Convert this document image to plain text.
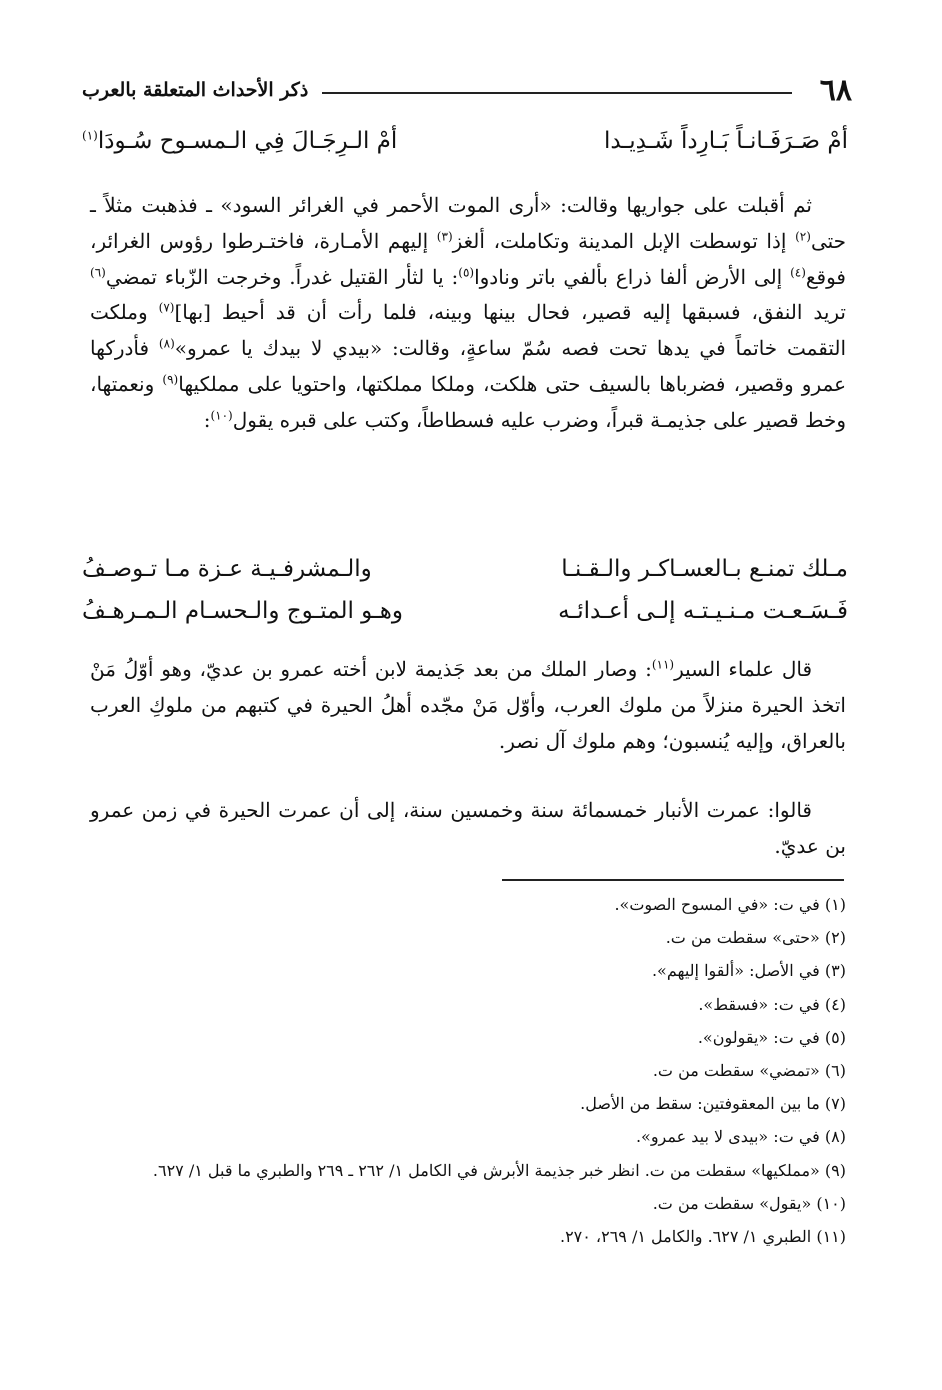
٦٨
ذكر الأحداث المتعلقة بالعرب
أمْ صَـرَفَـانـاً بَـارِداً شَـدِيـدا
أمْ الـرِجَـالَ فِي الـمسـوح سُـودَا$^{(١)}$

ثم أقبلت على جواريها وقالت: «أرى الموت الأحمر في الغرائر السود» ـ فذهبت مثلاً ـ حتى$^{(٢)}$ إذا توسطت الإبل المدينة وتكاملت، ألغز$^{(٣)}$ إليهم الأمـارة، فاختـرطوا رؤوس الغرائر، فوقع$^{(٤)}$ إلى الأرض ألفا ذراع بألفي باتر ونادوا$^{(٥)}$: يا لثأر القتيل غدراً. وخرجت الزّباء تمضي$^{(٦)}$ تريد النفق، فسبقها إليه قصير، فحال بينها وبينه، فلما رأت أن قد أحيط [بها]$^{(٧)}$ وملكت التقمت خاتماً في يدها تحت فصه سُمّ ساعةٍ، وقالت: «بيدي لا بيدك يا عمرو»$^{(٨)}$ فأدركها عمرو وقصير، فضرباها بالسيف حتى هلكت، وملكا مملكتها، واحتويا على مملكيها$^{(٩)}$ ونعمتها، وخط قصير على جذيمـة قبراً، وضرب عليه فسطاطاً، وكتب على قبره يقول$^{(١٠)}$:

مـلك تمنـع بـالعسـاكـر والـقـنـا
والـمشرفـيـة عـزة مـا تـوصـفُ
فَـسَـعـت مـنـيـتـه إلـى أعـدائـه
وهـو المتـوج والـحسـام الـمـرهـفُ

قال علماء السير$^{(١١)}$: وصار الملك من بعد جَذيمة لابن أخته عمرو بن عديّ، وهو أوّلُ مَنْ اتخذ الحيرة منزلاً من ملوك العرب، وأوّل مَنْ مجّده أهلُ الحيرة في كتبهم من ملوكِ العرب بالعراق، وإليه يُنسبون؛ وهم ملوك آل نصر.

قالوا: عمرت الأنبار خمسمائة سنة وخمسين سنة، إلى أن عمرت الحيرة في زمن عمرو بن عديّ.

(١) في ت: «في المسوح الصوت».
(٢) «حتى» سقطت من ت.
(٣) في الأصل: «ألقوا إليهم».
(٤) في ت: «فسقط».
(٥) في ت: «يقولون».
(٦) «تمضي» سقطت من ت.
(٧) ما بين المعقوفتين: سقط من الأصل.
(٨) في ت: «بيدى لا بيد عمرو».
(٩) «مملكيها» سقطت من ت. انظر خبر جذيمة الأبرش في الكامل ١/ ٢٦٢ ـ ٢٦٩ والطبري ما قبل ١/ ٦٢٧.
(١٠) «يقول» سقطت من ت.
(١١) الطبري ١/ ٦٢٧. والكامل ١/ ٢٦٩، ٢٧٠.
